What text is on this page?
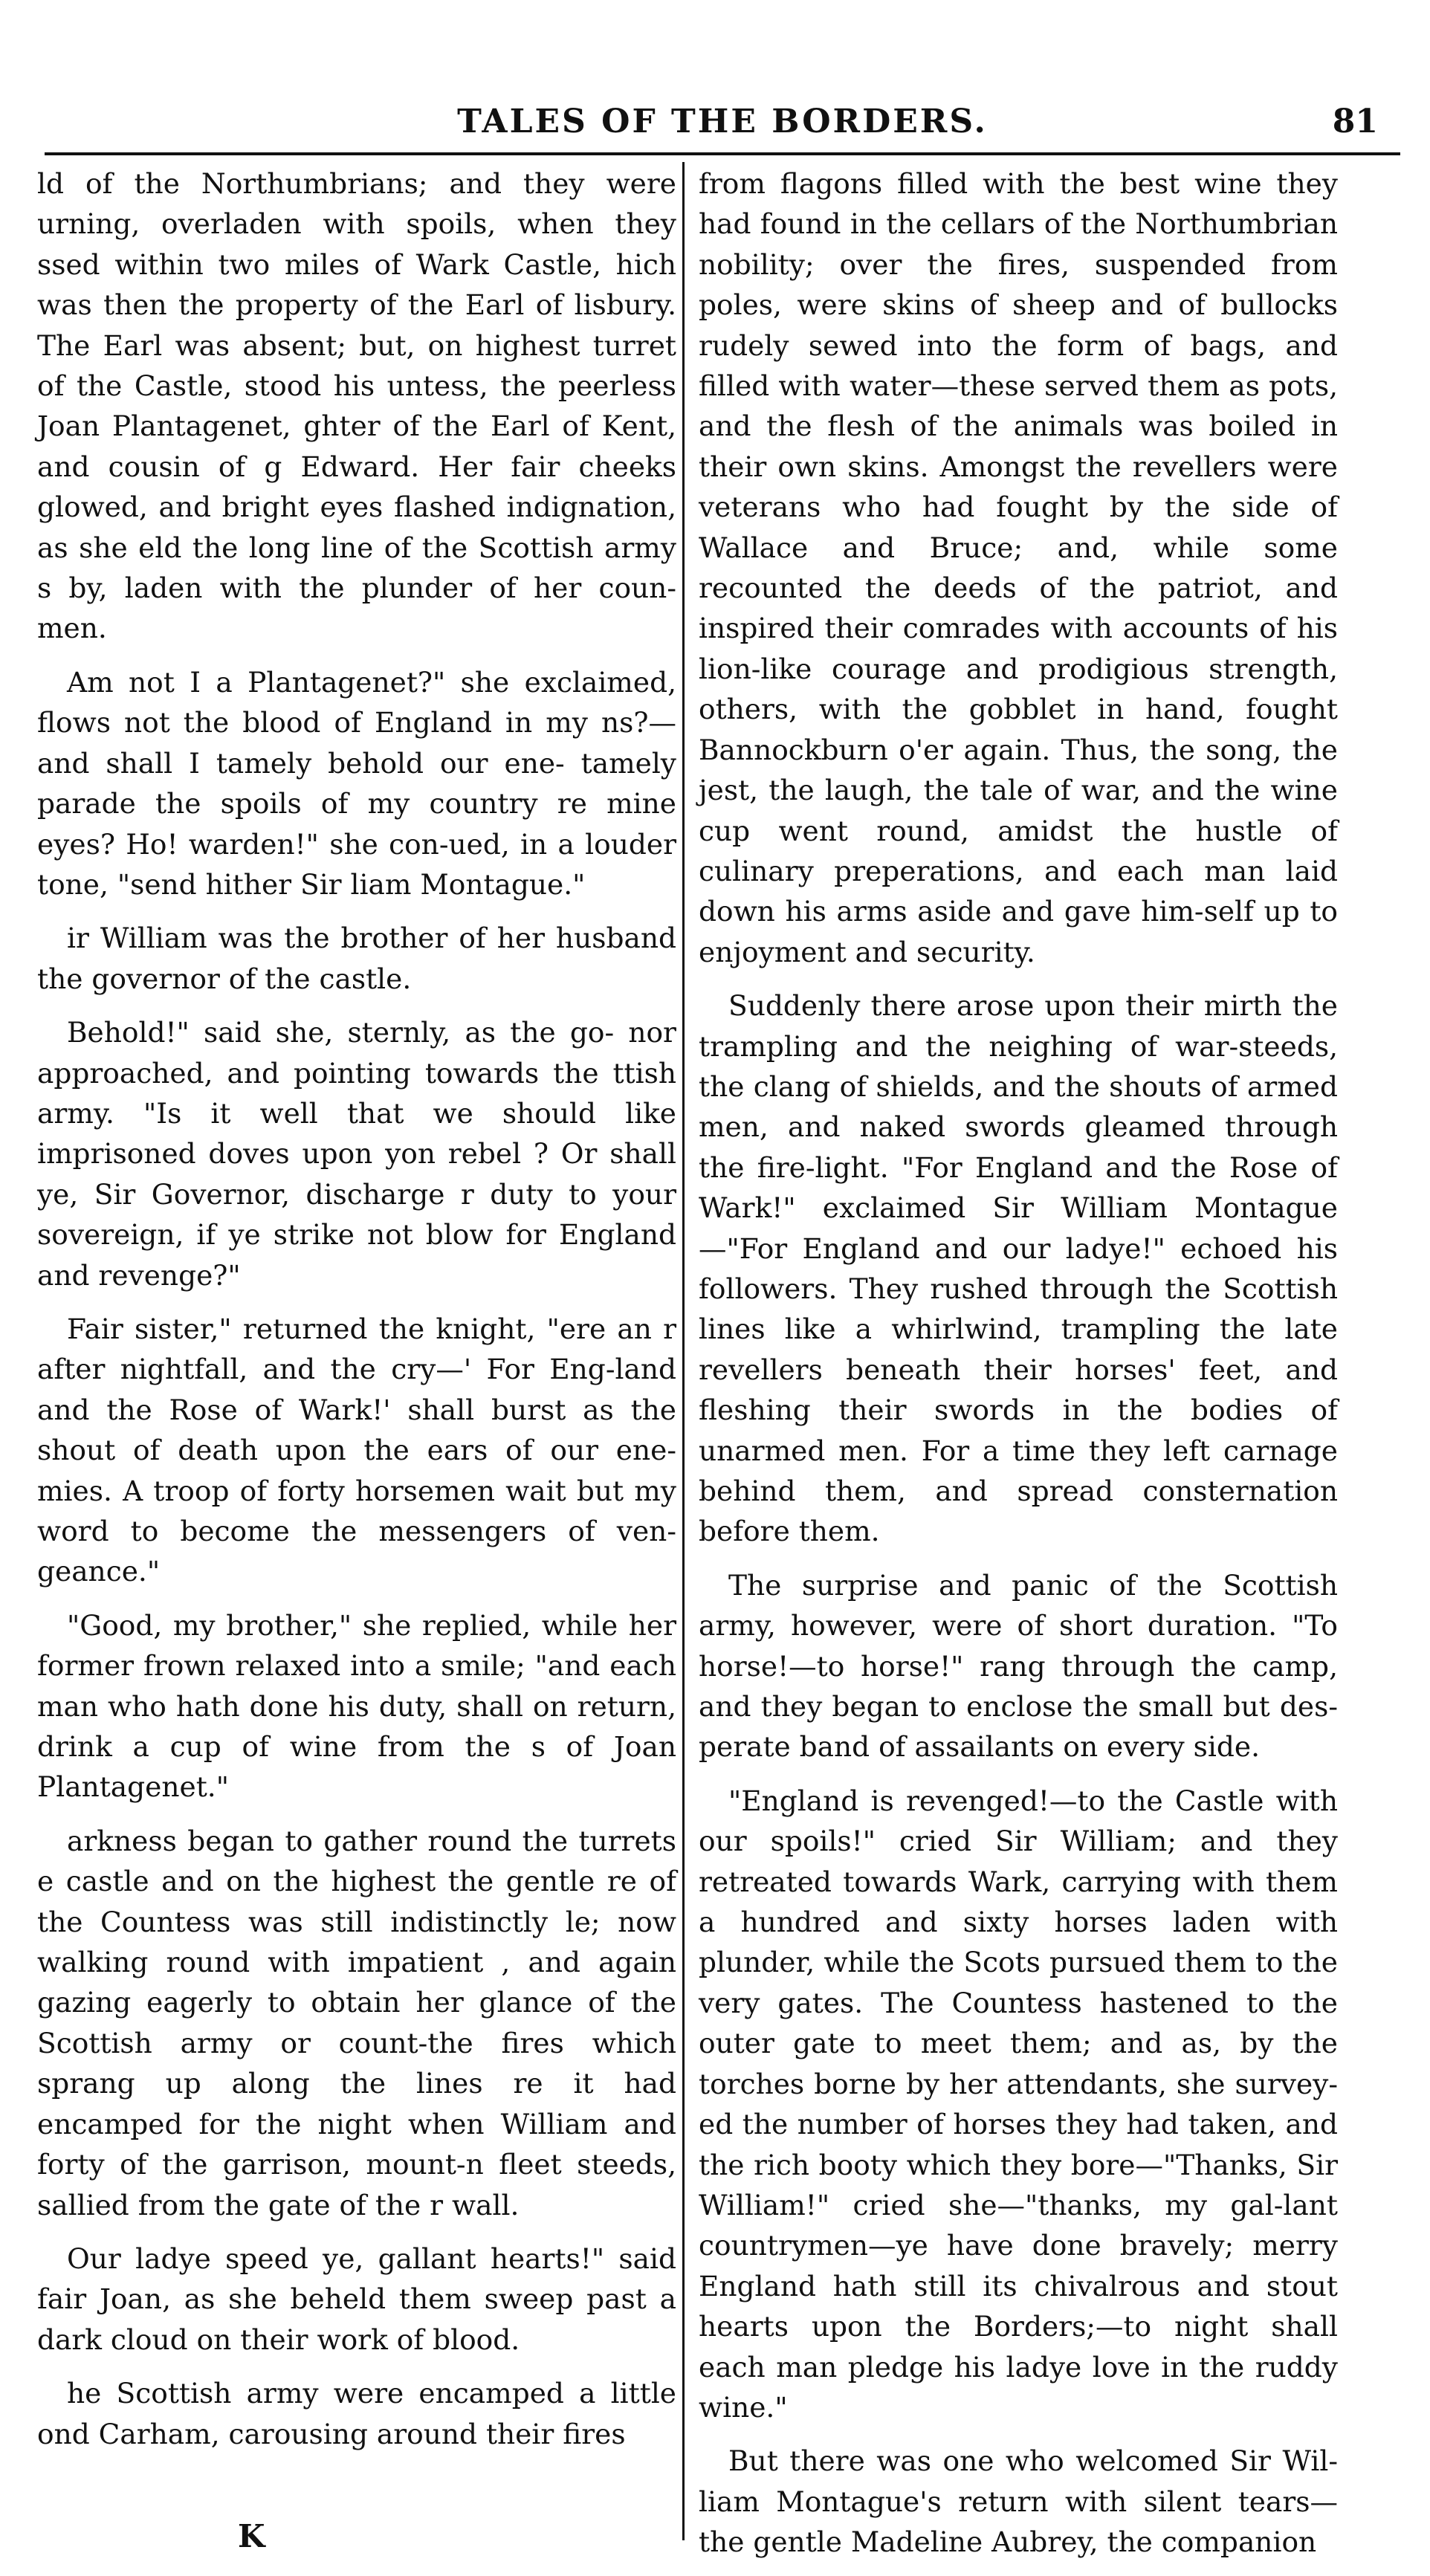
TALES OF THE BORDERS.	81

ld of the Northumbrians; and they were urning, overladen with spoils, when they ssed within two miles of Wark Castle, hich was then the property of the Earl of lisbury. The Earl was absent; but, on highest turret of the Castle, stood his untess, the peerless Joan Plantagenet, ghter of the Earl of Kent, and cousin of g Edward. Her fair cheeks glowed, and bright eyes flashed indignation, as she eld the long line of the Scottish army s by, laden with the plunder of her coun-men.

Am not I a Plantagenet?" she exclaimed, flows not the blood of England in my ns?—and shall I tamely behold our ene- tamely parade the spoils of my country re mine eyes? Ho! warden!" she con-ued, in a louder tone, "send hither Sir liam Montague."

ir William was the brother of her husband the governor of the castle.

Behold!" said she, sternly, as the go- nor approached, and pointing towards the ttish army. "Is it well that we should like imprisoned doves upon yon rebel ? Or shall ye, Sir Governor, discharge r duty to your sovereign, if ye strike not blow for England and revenge?"

Fair sister," returned the knight, "ere an r after nightfall, and the cry—' For Eng-land and the Rose of Wark!' shall burst as the shout of death upon the ears of our ene-mies. A troop of forty horsemen wait but my word to become the messengers of ven-geance."

"Good, my brother," she replied, while her former frown relaxed into a smile; "and each man who hath done his duty, shall on return, drink a cup of wine from the s of Joan Plantagenet."

arkness began to gather round the turrets e castle and on the highest the gentle re of the Countess was still indistinctly le; now walking round with impatient , and again gazing eagerly to obtain her glance of the Scottish army or count-the fires which sprang up along the lines re it had encamped for the night when William and forty of the garrison, mount-n fleet steeds, sallied from the gate of the r wall.

Our ladye speed ye, gallant hearts!" said fair Joan, as she beheld them sweep past a dark cloud on their work of blood.

he Scottish army were encamped a little ond Carham, carousing around their fires

from flagons filled with the best wine they had found in the cellars of the Northumbrian nobility; over the fires, suspended from poles, were skins of sheep and of bullocks rudely sewed into the form of bags, and filled with water—these served them as pots, and the flesh of the animals was boiled in their own skins. Amongst the revellers were veterans who had fought by the side of Wallace and Bruce; and, while some recounted the deeds of the patriot, and inspired their comrades with accounts of his lion-like courage and prodigious strength, others, with the gobblet in hand, fought Bannockburn o'er again. Thus, the song, the jest, the laugh, the tale of war, and the wine cup went round, amidst the hustle of culinary preperations, and each man laid down his arms aside and gave him-self up to enjoyment and security.

Suddenly there arose upon their mirth the trampling and the neighing of war-steeds, the clang of shields, and the shouts of armed men, and naked swords gleamed through the fire-light. "For England and the Rose of Wark!" exclaimed Sir William Montague —"For England and our ladye!" echoed his followers. They rushed through the Scottish lines like a whirlwind, trampling the late revellers beneath their horses' feet, and fleshing their swords in the bodies of unarmed men. For a time they left carnage behind them, and spread consternation before them.

The surprise and panic of the Scottish army, however, were of short duration. "To horse!—to horse!" rang through the camp, and they began to enclose the small but des-perate band of assailants on every side.

"England is revenged!—to the Castle with our spoils!" cried Sir William; and they retreated towards Wark, carrying with them a hundred and sixty horses laden with plunder, while the Scots pursued them to the very gates. The Countess hastened to the outer gate to meet them; and as, by the torches borne by her attendants, she survey-ed the number of horses they had taken, and the rich booty which they bore—"Thanks, Sir William!" cried she—"thanks, my gal-lant countrymen—ye have done bravely; merry England hath still its chivalrous and stout hearts upon the Borders;—to night shall each man pledge his ladye love in the ruddy wine."

But there was one who welcomed Sir Wil-liam Montague's return with silent tears— the gentle Madeline Aubrey, the companion

K
